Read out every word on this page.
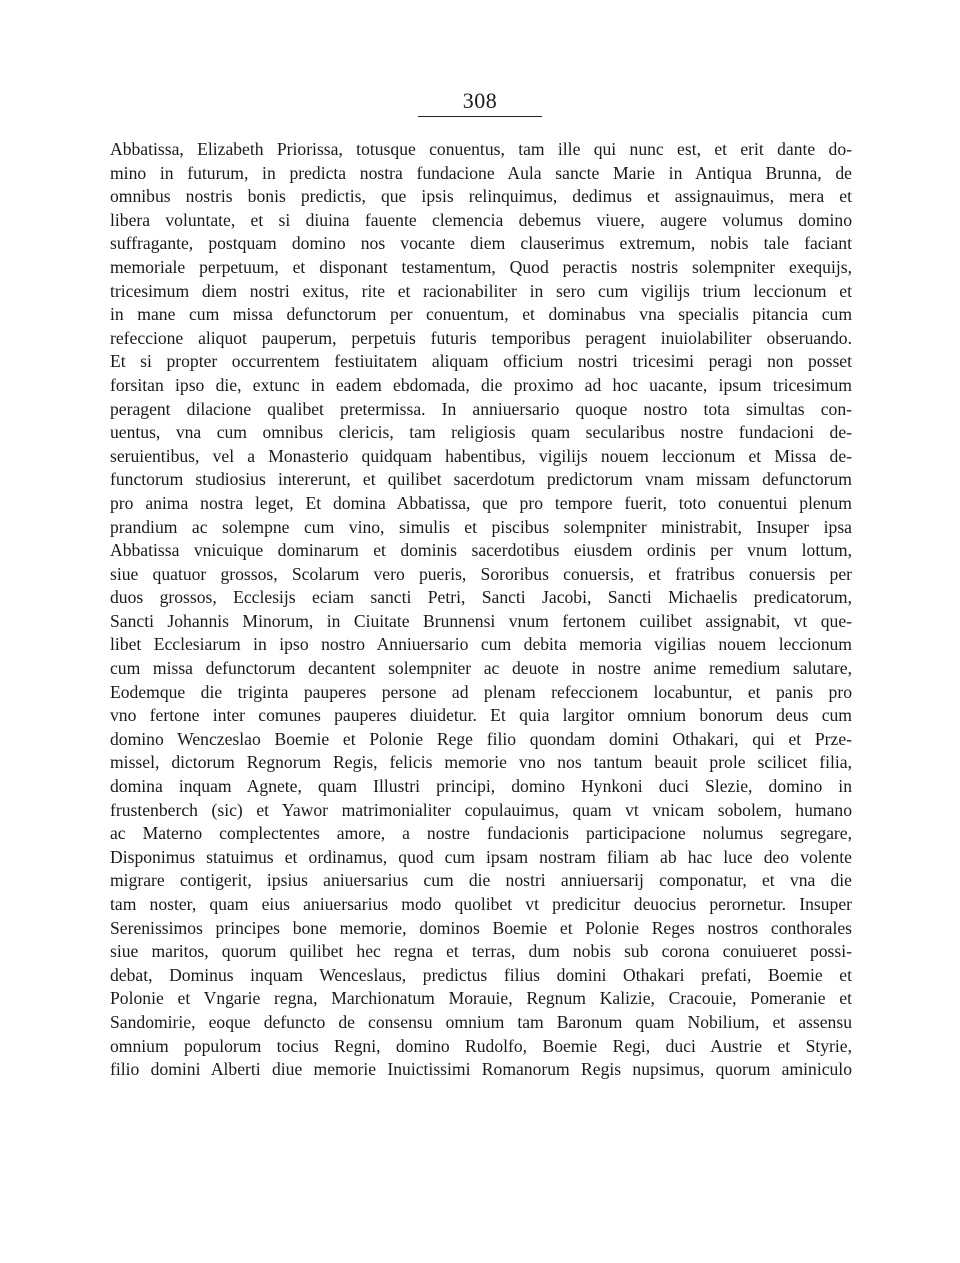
308
Abbatissa, Elizabeth Priorissa, totusque conuentus, tam ille qui nunc est, et erit dante do-
mino in futurum, in predicta nostra fundacione Aula sancte Marie in Antiqua Brunna, de
omnibus nostris bonis predictis, que ipsis relinquimus, dedimus et assignauimus, mera et
libera voluntate, et si diuina fauente clemencia debemus viuere, augere volumus domino
suffragante, postquam domino nos vocante diem clauserimus extremum, nobis tale faciant
memoriale perpetuum, et disponant testamentum, Quod peractis nostris solempniter exequijs,
tricesimum diem nostri exitus, rite et racionabiliter in sero cum vigilijs trium leccionum et
in mane cum missa defunctorum per conuentum, et dominabus vna specialis pitancia cum
refeccione aliquot pauperum, perpetuis futuris temporibus peragent inuiolabiliter obseruando.
Et si propter occurrentem festiuitatem aliquam officium nostri tricesimi peragi non posset
forsitan ipso die, extunc in eadem ebdomada, die proximo ad hoc uacante, ipsum tricesimum
peragent dilacione qualibet pretermissa. In anniuersario quoque nostro tota simultas con-
uentus, vna cum omnibus clericis, tam religiosis quam secularibus nostre fundacioni de-
seruientibus, vel a Monasterio quidquam habentibus, vigilijs nouem leccionum et Missa de-
functorum studiosius intererunt, et quilibet sacerdotum predictorum vnam missam defunctorum
pro anima nostra leget, Et domina Abbatissa, que pro tempore fuerit, toto conuentui plenum
prandium ac solempne cum vino, simulis et piscibus solempniter ministrabit, Insuper ipsa
Abbatissa vnicuique dominarum et dominis sacerdotibus eiusdem ordinis per vnum lottum,
siue quatuor grossos, Scolarum vero pueris, Sororibus conuersis, et fratribus conuersis per
duos grossos, Ecclesijs eciam sancti Petri, Sancti Jacobi, Sancti Michaelis predicatorum,
Sancti Johannis Minorum, in Ciuitate Brunnensi vnum fertonem cuilibet assignabit, vt que-
libet Ecclesiarum in ipso nostro Anniuersario cum debita memoria vigilias nouem leccionum
cum missa defunctorum decantent solempniter ac deuote in nostre anime remedium salutare,
Eodemque die triginta pauperes persone ad plenam refeccionem locabuntur, et panis pro
vno fertone inter comunes pauperes diuidetur. Et quia largitor omnium bonorum deus cum
domino Wenczeslao Boemie et Polonie Rege filio quondam domini Othakari, qui et Prze-
missel, dictorum Regnorum Regis, felicis memorie vno nos tantum beauit prole scilicet filia,
domina inquam Agnete, quam Illustri principi, domino Hynkoni duci Slezie, domino in
frustenberch (sic) et Yawor matrimonialiter copulauimus, quam vt vnicam sobolem, humano
ac Materno complectentes amore, a nostre fundacionis participacione nolumus segregare,
Disponimus statuimus et ordinamus, quod cum ipsam nostram filiam ab hac luce deo volente
migrare contigerit, ipsius aniuersarius cum die nostri anniuersarij componatur, et vna die
tam noster, quam eius aniuersarius modo quolibet vt predicitur deuocius perornetur. Insuper
Serenissimos principes bone memorie, dominos Boemie et Polonie Reges nostros conthorales
siue maritos, quorum quilibet hec regna et terras, dum nobis sub corona conuiueret possi-
debat, Dominus inquam Wenceslaus, predictus filius domini Othakari prefati, Boemie et
Polonie et Vngarie regna, Marchionatum Morauie, Regnum Kalizie, Cracouie, Pomeranie et
Sandomirie, eoque defuncto de consensu omnium tam Baronum quam Nobilium, et assensu
omnium populorum tocius Regni, domino Rudolfo, Boemie Regi, duci Austrie et Styrie,
filio domini Alberti diue memorie Inuictissimi Romanorum Regis nupsimus, quorum aminiculo
